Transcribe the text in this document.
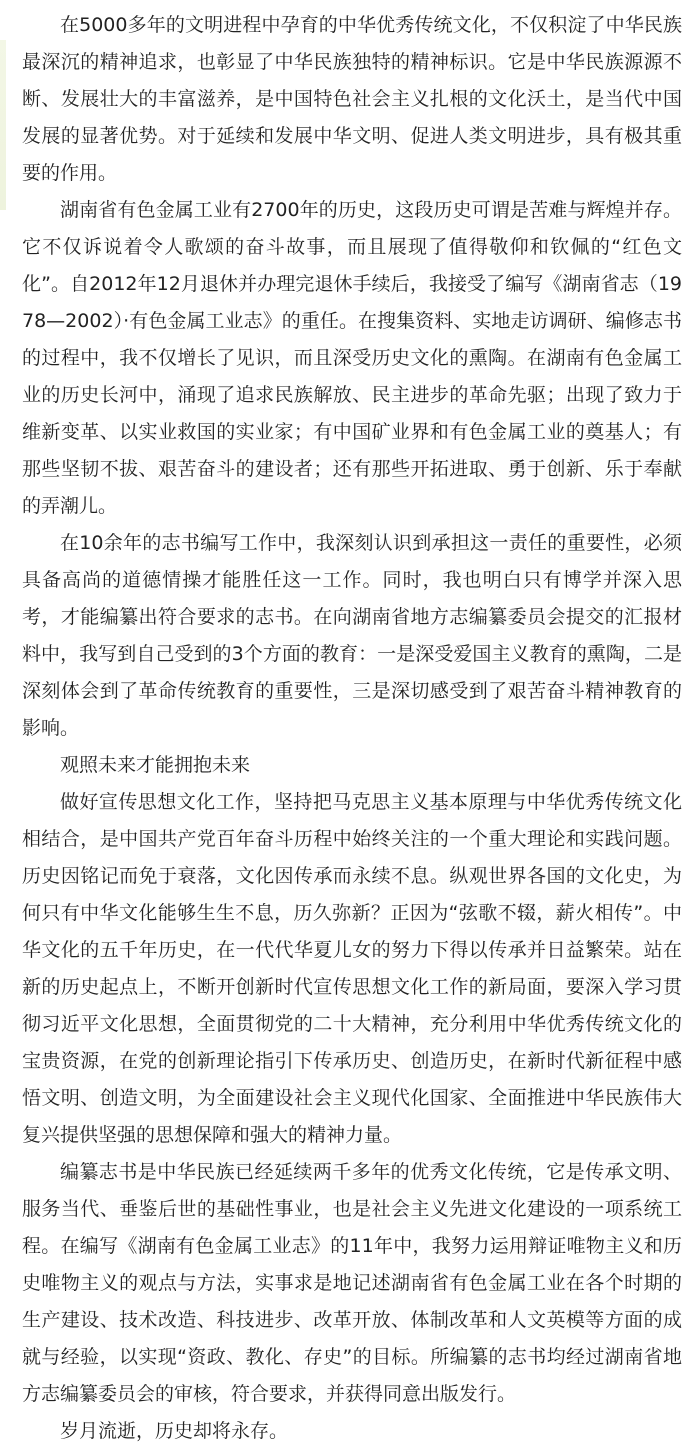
在5000多年的文明进程中孕育的中华优秀传统文化，不仅积淀了中华民族最深沉的精神追求，也彰显了中华民族独特的精神标识。它是中华民族源源不断、发展壮大的丰富滋养，是中国特色社会主义扎根的文化沃土，是当代中国发展的显著优势。对于延续和发展中华文明、促进人类文明进步，具有极其重要的作用。

湖南省有色金属工业有2700年的历史，这段历史可谓是苦难与辉煌并存。它不仅诉说着令人歌颂的奋斗故事，而且展现了值得敬仰和钦佩的“红色文化”。自2012年12月退休并办理完退休手续后，我接受了编写《湖南省志（1978—2002）·有色金属工业志》的重任。在搜集资料、实地走访调研、编修志书的过程中，我不仅增长了见识，而且深受历史文化的熏陶。在湖南有色金属工业的历史长河中，涌现了追求民族解放、民主进步的革命先驱；出现了致力于维新变革、以实业救国的实业家；有中国矿业界和有色金属工业的奠基人；有那些坚韧不拔、艰苦奋斗的建设者；还有那些开拓进取、勇于创新、乐于奉献的弄潮儿。

在10余年的志书编写工作中，我深刻认识到承担这一责任的重要性，必须具备高尚的道德情操才能胜任这一工作。同时，我也明白只有博学并深入思考，才能编纂出符合要求的志书。在向湖南省地方志编纂委员会提交的汇报材料中，我写到自己受到的3个方面的教育：一是深受爱国主义教育的熏陶，二是深刻体会到了革命传统教育的重要性，三是深切感受到了艰苦奋斗精神教育的影响。

观照未来才能拥抱未来

做好宣传思想文化工作，坚持把马克思主义基本原理与中华优秀传统文化相结合，是中国共产党百年奋斗历程中始终关注的一个重大理论和实践问题。历史因铭记而免于衰落，文化因传承而永续不息。纵观世界各国的文化史，为何只有中华文化能够生生不息，历久弥新？正因为“弦歌不辍，薪火相传”。中华文化的五千年历史，在一代代华夏儿女的努力下得以传承并日益繁荣。站在新的历史起点上，不断开创新时代宣传思想文化工作的新局面，要深入学习贯彻习近平文化思想，全面贯彻党的二十大精神，充分利用中华优秀传统文化的宝贵资源，在党的创新理论指引下传承历史、创造历史，在新时代新征程中感悟文明、创造文明，为全面建设社会主义现代化国家、全面推进中华民族伟大复兴提供坚强的思想保障和强大的精神力量。

编纂志书是中华民族已经延续两千多年的优秀文化传统，它是传承文明、服务当代、垂鉴后世的基础性事业，也是社会主义先进文化建设的一项系统工程。在编写《湖南有色金属工业志》的11年中，我努力运用辩证唯物主义和历史唯物主义的观点与方法，实事求是地记述湖南省有色金属工业在各个时期的生产建设、技术改造、科技进步、改革开放、体制改革和人文英模等方面的成就与经验，以实现“资政、教化、存史”的目标。所编纂的志书均经过湖南省地方志编纂委员会的审核，符合要求，并获得同意出版发行。

岁月流逝，历史却将永存。
